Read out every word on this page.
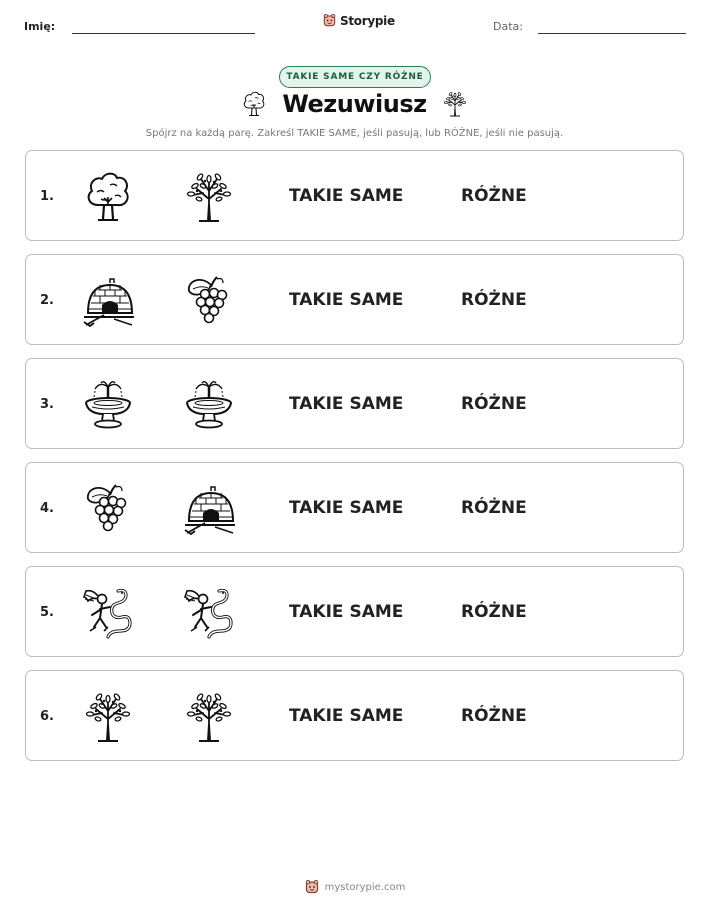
Imię:	Storypie	Data:
TAKIE SAME CZY RÓŻNE
Wezuwiusz
Spójrz na każdą parę. Zakreśl TAKIE SAME, jeśli pasują, lub RÓŻNE, jeśli nie pasują.
1.	TAKIE SAME	RÓŻNE
2.	TAKIE SAME	RÓŻNE
3.	TAKIE SAME	RÓŻNE
4.	TAKIE SAME	RÓŻNE
5.	TAKIE SAME	RÓŻNE
6.	TAKIE SAME	RÓŻNE
mystorypie.com
